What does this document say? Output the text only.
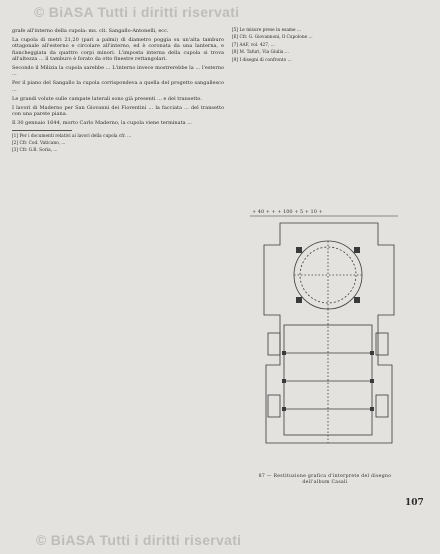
© BiASA Tutti i diritti riservati

grafe all'interno della cupola: ms. cit. Sangallo-Antonelli, ecc.

La cupola di metri 21,20 (pari a palmi) di diametro poggia su un'alta tamburo ottagonale all'esterno e circolare all'interno, ed è coronata da una lanterna, e fiancheggiata da quattro corpi minori. L'imposta interna della cupola si trova all'altezza ... il tamburo è forato da otto finestre rettangolari.

Secondo il Milizia la cupola sarebbe ... L'interno invece mostrerebbe la ... l'esterno ...

Per il piano del Sangallo la cupola corrispondeva a quella del progetto sangallesco ...

Le grandi volute sulle campate laterali sono già presenti ... e del transetto.

I lavori di Maderno per San Giovanni dei Fiorentini ... la facciata ... del transetto con una parete piana.

Il 30 gennaio 1644, morto Carlo Maderno, la cupola viene terminata ...

[1] Per i documenti relativi ai lavori della cupola cfr. ...

[2] Cfr. Cod. Vaticano, ...

[3] Cfr. G.B. Soria, ...

[5] Le misure prese in esame ...

[6] Cfr. G. Giovannoni, Il Cupolone ...

[7] AAF, vol. 427, ...

[8] M. Tafuri, Via Giulia ...

[9] I disegni di confronto ...

+ 40 + + + 100 + 5 + 10 +
87 — Restituzione grafica d'interprete del disegno dell'album Casali
107
© BiASA Tutti i diritti riservati
